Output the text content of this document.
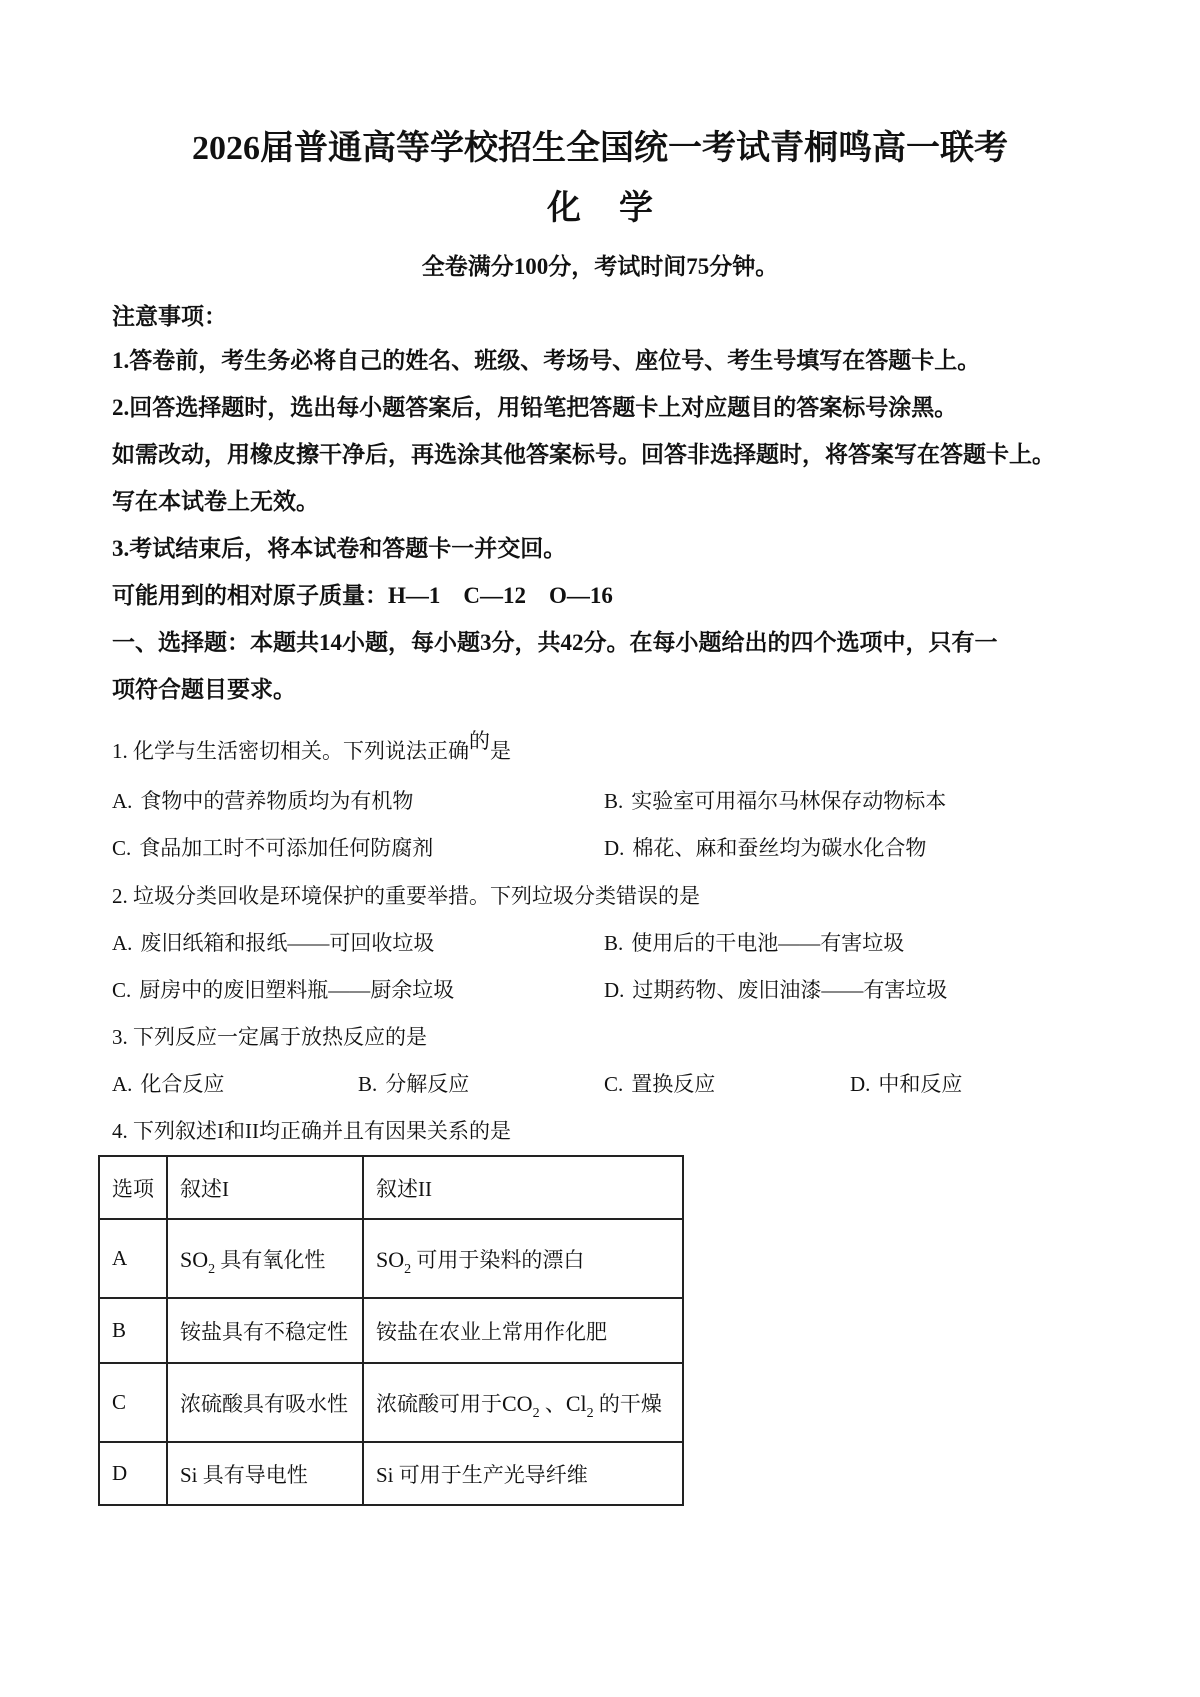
2026届普通高等学校招生全国统一考试青桐鸣高一联考
化学
全卷满分100分，考试时间75分钟。
注意事项：
1.答卷前，考生务必将自己的姓名、班级、考场号、座位号、考生号填写在答题卡上。
2.回答选择题时，选出每小题答案后，用铅笔把答题卡上对应题目的答案标号涂黑。
如需改动，用橡皮擦干净后，再选涂其他答案标号。回答非选择题时，将答案写在答题卡上。
写在本试卷上无效。
3.考试结束后，将本试卷和答题卡一并交回。
可能用到的相对原子质量：H—1　C—12　O—16
一、选择题：本题共14小题，每小题3分，共42分。在每小题给出的四个选项中，只有一
项符合题目要求。
1. 化学与生活密切相关。下列说法正确的是
A. 食物中的营养物质均为有机物	B. 实验室可用福尔马林保存动物标本
C. 食品加工时不可添加任何防腐剂	D. 棉花、麻和蚕丝均为碳水化合物
2. 垃圾分类回收是环境保护的重要举措。下列垃圾分类错误的是
A. 废旧纸箱和报纸——可回收垃圾	B. 使用后的干电池——有害垃圾
C. 厨房中的废旧塑料瓶——厨余垃圾	D. 过期药物、废旧油漆——有害垃圾
3. 下列反应一定属于放热反应的是
A. 化合反应	B. 分解反应	C. 置换反应	D. 中和反应
4. 下列叙述I和II均正确并且有因果关系的是
选项	叙述I	叙述II
A	$SO_2$ 具有氧化性	$SO_2$ 可用于染料的漂白
B	铵盐具有不稳定性	铵盐在农业上常用作化肥
C	浓硫酸具有吸水性	浓硫酸可用于$CO_2$ 、$Cl_2$ 的干燥
D	Si 具有导电性	Si 可用于生产光导纤维
